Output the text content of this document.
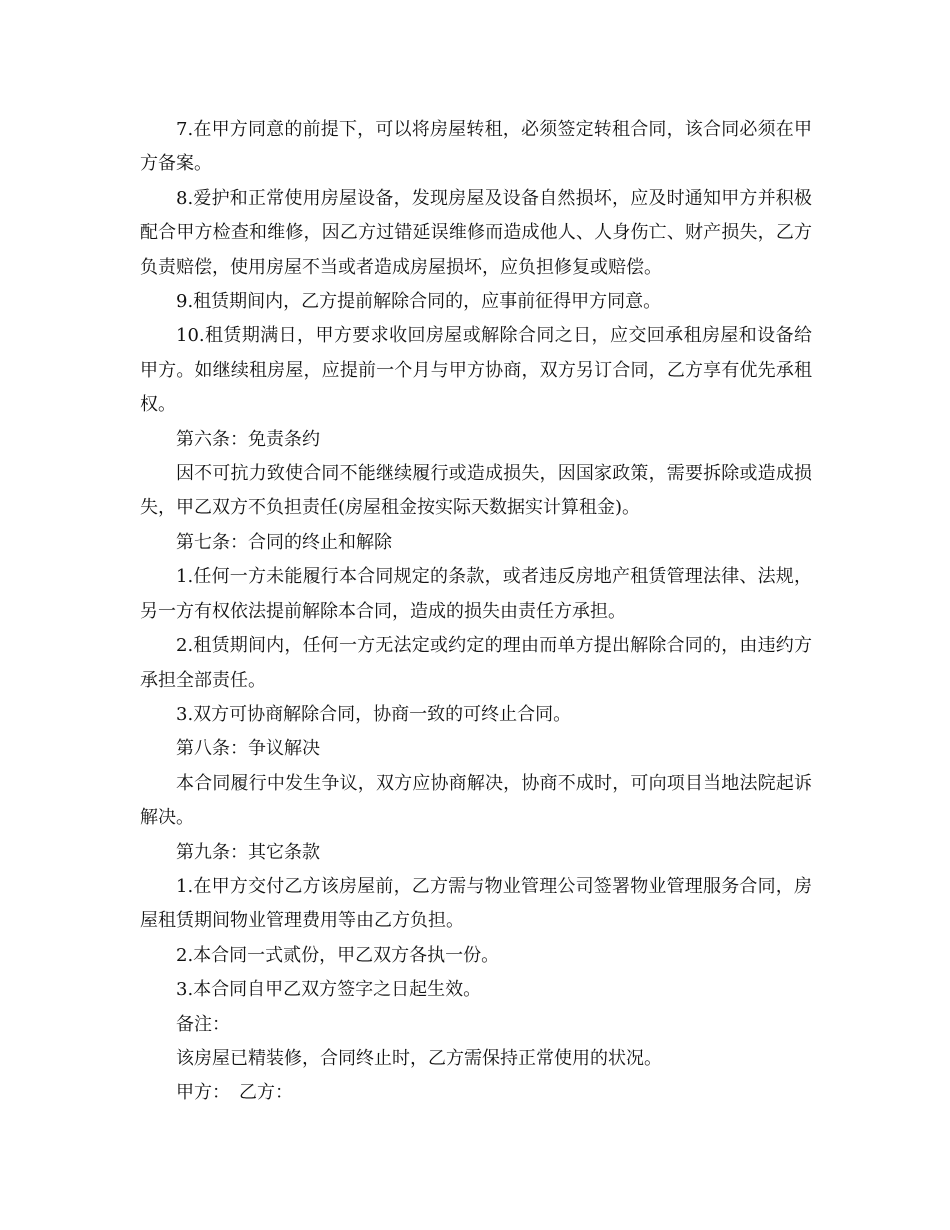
7.在甲方同意的前提下，可以将房屋转租，必须签定转租合同，该合同必须在甲方备案。

8.爱护和正常使用房屋设备，发现房屋及设备自然损坏，应及时通知甲方并积极配合甲方检查和维修，因乙方过错延误维修而造成他人、人身伤亡、财产损失，乙方负责赔偿，使用房屋不当或者造成房屋损坏，应负担修复或赔偿。

9.租赁期间内，乙方提前解除合同的，应事前征得甲方同意。

10.租赁期满日，甲方要求收回房屋或解除合同之日，应交回承租房屋和设备给甲方。如继续租房屋，应提前一个月与甲方协商，双方另订合同，乙方享有优先承租权。

第六条：免责条约

因不可抗力致使合同不能继续履行或造成损失，因国家政策，需要拆除或造成损失，甲乙双方不负担责任(房屋租金按实际天数据实计算租金)。

第七条：合同的终止和解除

1.任何一方未能履行本合同规定的条款，或者违反房地产租赁管理法律、法规，另一方有权依法提前解除本合同，造成的损失由责任方承担。

2.租赁期间内，任何一方无法定或约定的理由而单方提出解除合同的，由违约方承担全部责任。

3.双方可协商解除合同，协商一致的可终止合同。

第八条：争议解决

本合同履行中发生争议，双方应协商解决，协商不成时，可向项目当地法院起诉解决。

第九条：其它条款

1.在甲方交付乙方该房屋前，乙方需与物业管理公司签署物业管理服务合同，房屋租赁期间物业管理费用等由乙方负担。

2.本合同一式贰份，甲乙双方各执一份。

3.本合同自甲乙双方签字之日起生效。

备注：

该房屋已精装修，合同终止时，乙方需保持正常使用的状况。

甲方：　乙方：
